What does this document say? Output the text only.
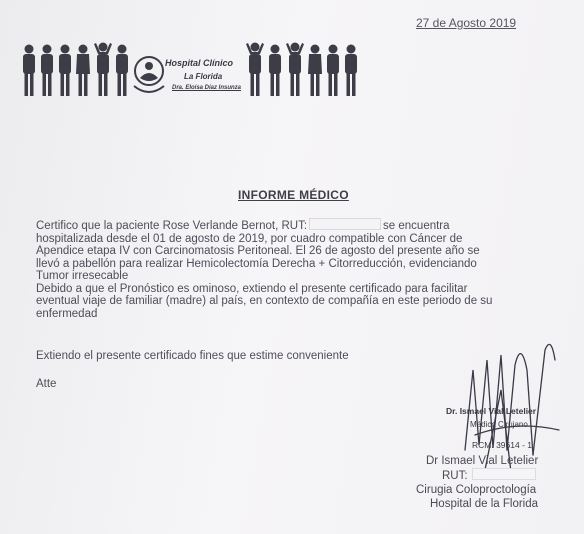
27 de Agosto 2019
Hospital Clínico
La Florida
Dra. Eloísa Díaz Insunza
INFORME MÉDICO
Certifico que la paciente Rose Verlande Bernot, RUT:	se encuentra
hospitalizada desde el 01 de agosto de 2019, por cuadro compatible con Cáncer de
Apendice etapa IV con Carcinomatosis Peritoneal. El 26 de agosto del presente año se
llevó a pabellón para realizar Hemicolectomía Derecha + Citorreducción, evidenciando
Tumor irresecable
Debido a que el Pronóstico es ominoso, extiendo el presente certificado para facilitar
eventual viaje de familiar (madre) al país, en contexto de compañía en este periodo de su
enfermedad
Extiendo el presente certificado fines que estime conveniente
Atte
Dr. Ismael Vial Letelier
Médico Cirujano
RCM: 39614 - 1
Dr Ismael Vial Letelier
RUT:
Cirugia Coloproctología
Hospital de la Florida
